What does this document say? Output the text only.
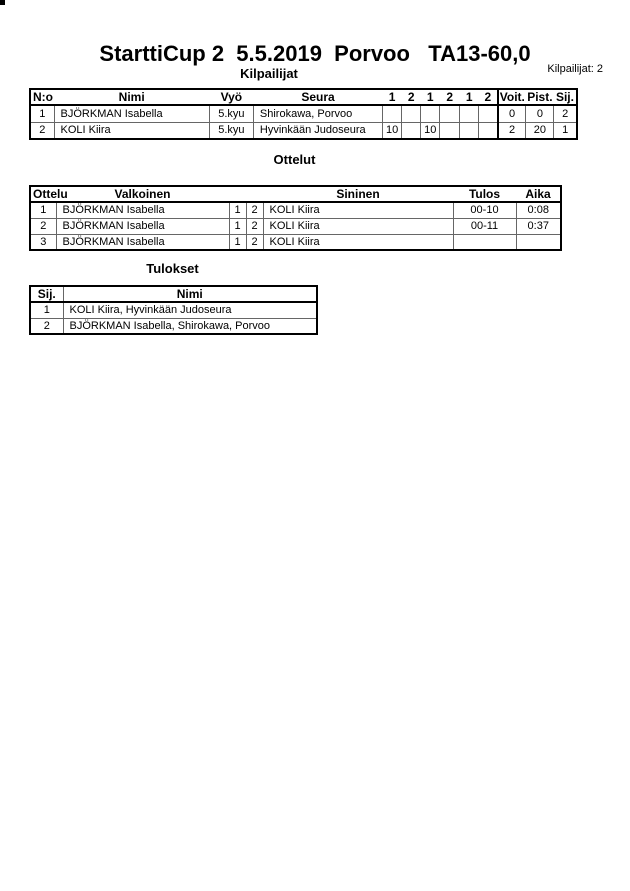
StarttiCup 2  5.5.2019  Porvoo   TA13-60,0
Kilpailijat	Kilpailijat: 2
N:o	Nimi	Vyö	Seura	1	2	1	2	1	2	Voit.	Pist.	Sij.
1	BJÖRKMAN Isabella	5.kyu	Shirokawa, Porvoo							0	0	2
2	KOLI Kiira	5.kyu	Hyvinkään Judoseura	10		10				2	20	1
Ottelut
Ottelu	Valkoinen			Sininen	Tulos	Aika
1	BJÖRKMAN Isabella	1	2	KOLI Kiira	00-10	0:08
2	BJÖRKMAN Isabella	1	2	KOLI Kiira	00-11	0:37
3	BJÖRKMAN Isabella	1	2	KOLI Kiira		
Tulokset
Sij.	Nimi
1	KOLI Kiira, Hyvinkään Judoseura
2	BJÖRKMAN Isabella, Shirokawa, Porvoo
